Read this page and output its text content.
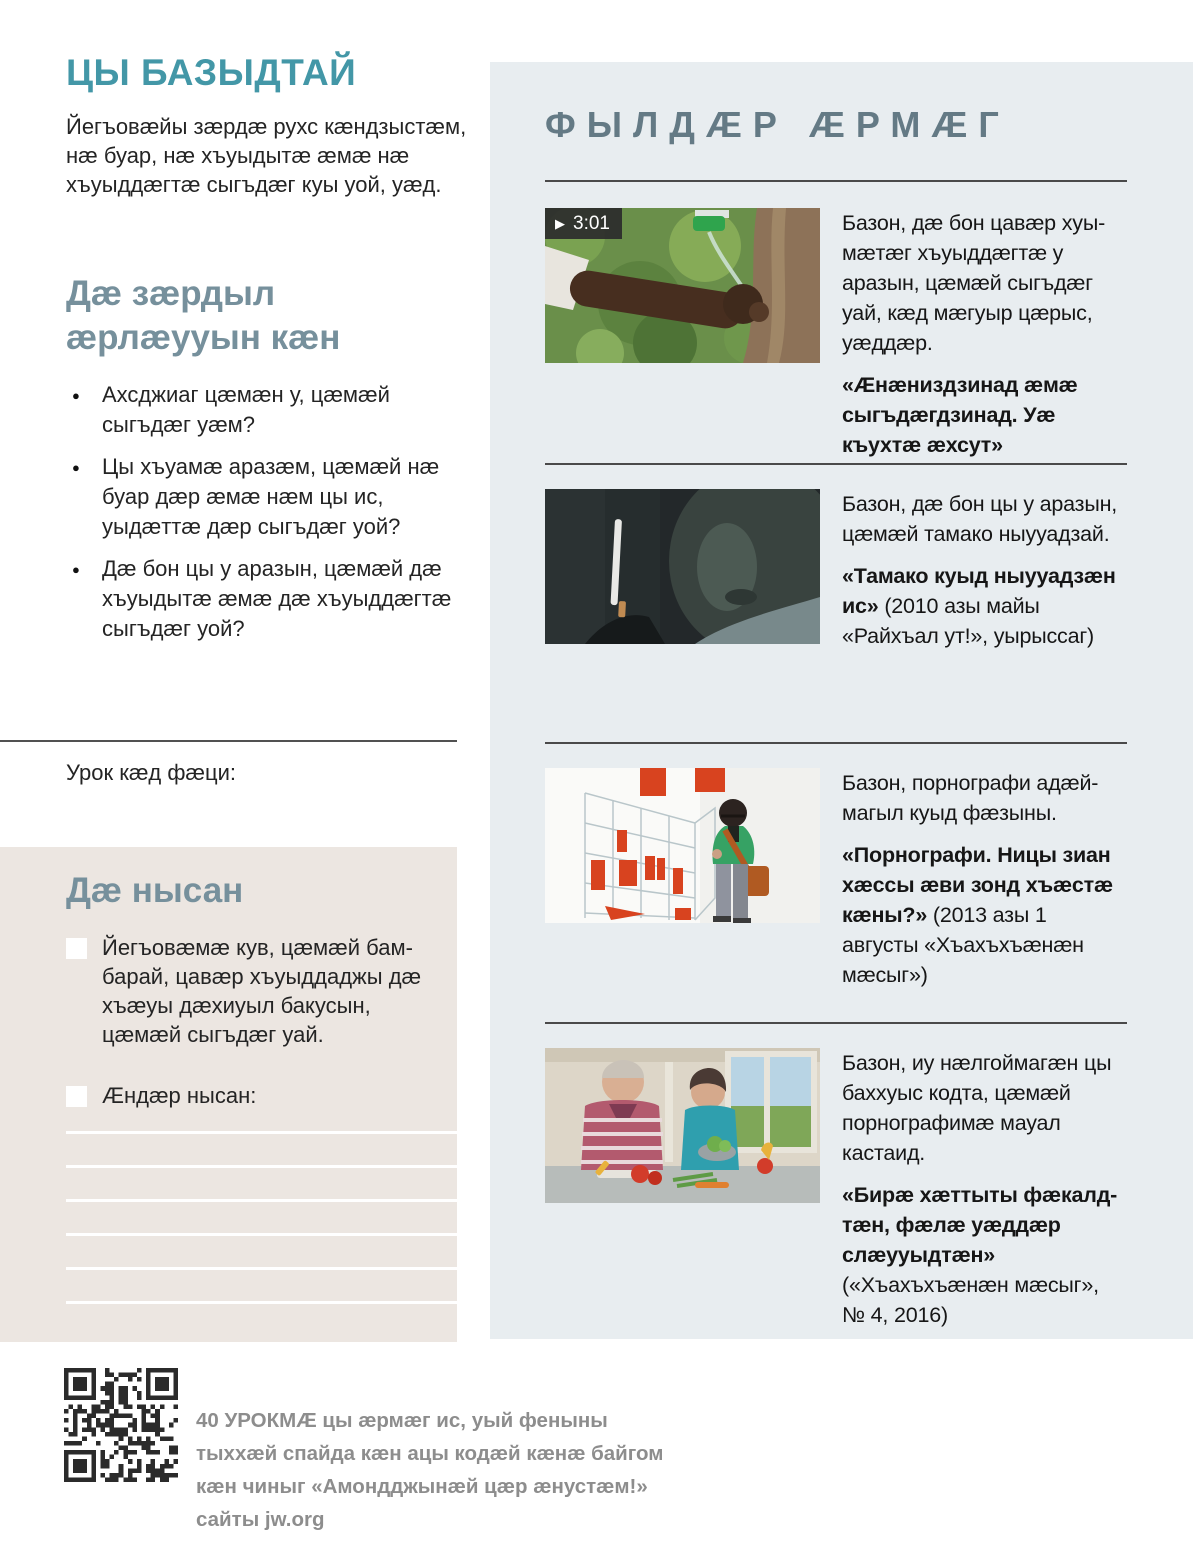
ЦЫ БАЗЫДТАЙ
Йегъовæйы зæрдæ рухс кæндзыстæм, нæ буар, нæ хъуыдытæ æмæ нæ хъуыддæгтæ сыгъдæг куы уой, уæд.
Дæ зæрдыл æрлæууын кæн
● Ахсджиаг цæмæн у, цæмæй сыгъдæг уæм?
● Цы хъуамæ аразæм, цæмæй нæ буар дæр æмæ нæм цы ис, уыдæттæ дæр сыгъдæг уой?
● Дæ бон цы у аразын, цæмæй дæ хъуыдытæ æмæ дæ хъуыддæгтæ сыгъдæг уой?
Урок кæд фæци:
Дæ нысан
Йегъовæмæ кув, цæмæй бамбарай, цавæр хъуыддаджы дæ хъæуы дæхиуыл бакусын, цæмæй сыгъдæг уай.
Æндæр нысан:
ФЫЛДÆР ÆРМÆГ
▶ 3:01	Базон, дæ бон цавæр хуымæтæг хъуыддæгтæ у аразын, цæмæй сыгъдæг уай, кæд мæгуыр цæрыс, уæддæр.
«Æнæниздзинад æмæ сыгъдæгдзинад. Уæ къухтæ æхсут»
Базон, дæ бон цы у аразын, цæмæй тамако ныууадзай.
«Тамако куыд ныууадзæн ис» (2010 азы майы «Райхъал ут!», уырыссаг)
Базон, порнографи адæймагыл куыд фæзыны.
«Порнографи. Ницы зиан хæссы æви зонд хъæстæ кæны?» (2013 азы 1 августы «Хъахъхъæнæн мæсыг»)
Базон, иу нæлгоймагæн цы баххуыс кодта, цæмæй порнографимæ мауал кастаид.
«Бирæ хæттыты фæкалдтæн, фæлæ уæддæр слæууыдтæн» («Хъахъхъæнæн мæсыг», № 4, 2016)
40 УРОКМÆ цы æрмæг ис, уый феныны тыххæй спайда кæн ацы кодæй кæнæ байгом кæн чиныг «Амондджынæй цæр æнустæм!» сайты jw.org
